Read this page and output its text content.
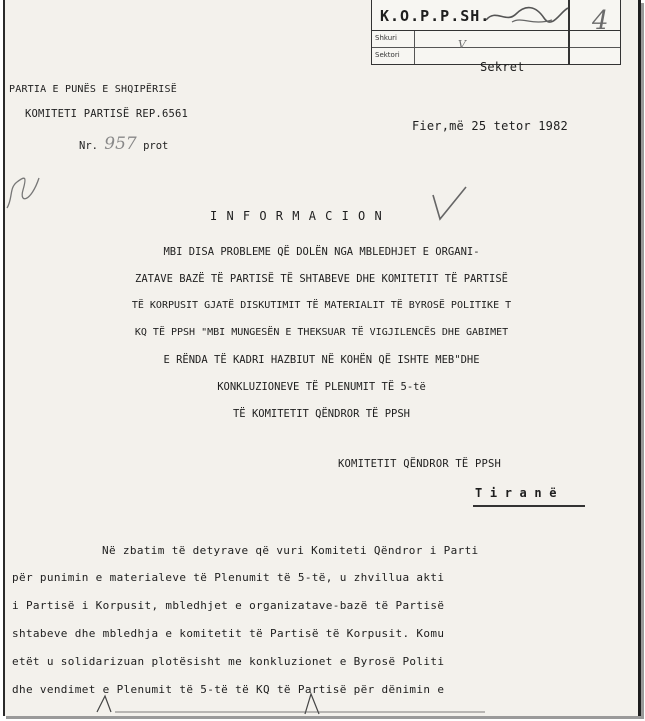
K.O.P.P.SH.
Shkuri
Sektori
V
4
Sekret
PARTIA E PUNËS E SHQIPËRISË
KOMITETI PARTISË REP.6561
Nr. 957 prot
Fier,më 25 tetor 1982
I N F O R M A C I O N
MBI DISA PROBLEME QË DOLËN NGA MBLEDHJET E ORGANI-
ZATAVE BAZË TË PARTISË TË SHTABEVE DHE KOMITETIT TË PARTISË
TË KORPUSIT GJATË DISKUTIMIT TË MATERIALIT TË BYROSË POLITIKE T
KQ TË PPSH "MBI MUNGESËN E THEKSUAR TË VIGJILENCËS DHE GABIMET
E RËNDA TË KADRI HAZBIUT NË KOHËN QË ISHTE MEB"DHE
KONKLUZIONEVE TË PLENUMIT TË 5-të
TË KOMITETIT QËNDROR TË PPSH
KOMITETIT QËNDROR TË PPSH
T i r a n ë
Në zbatim të detyrave që vuri Komiteti Qëndror i Parti
për punimin e materialeve të Plenumit të 5-të, u zhvillua akti
i Partisë i Korpusit, mbledhjet e organizatave-bazë të Partisë
shtabeve dhe mbledhja e komitetit të Partisë të Korpusit. Komu
etët u solidarizuan plotësisht me konkluzionet e Byrosë Politi
dhe vendimet e Plenumit të 5-të të KQ të Partisë për dënimin e
